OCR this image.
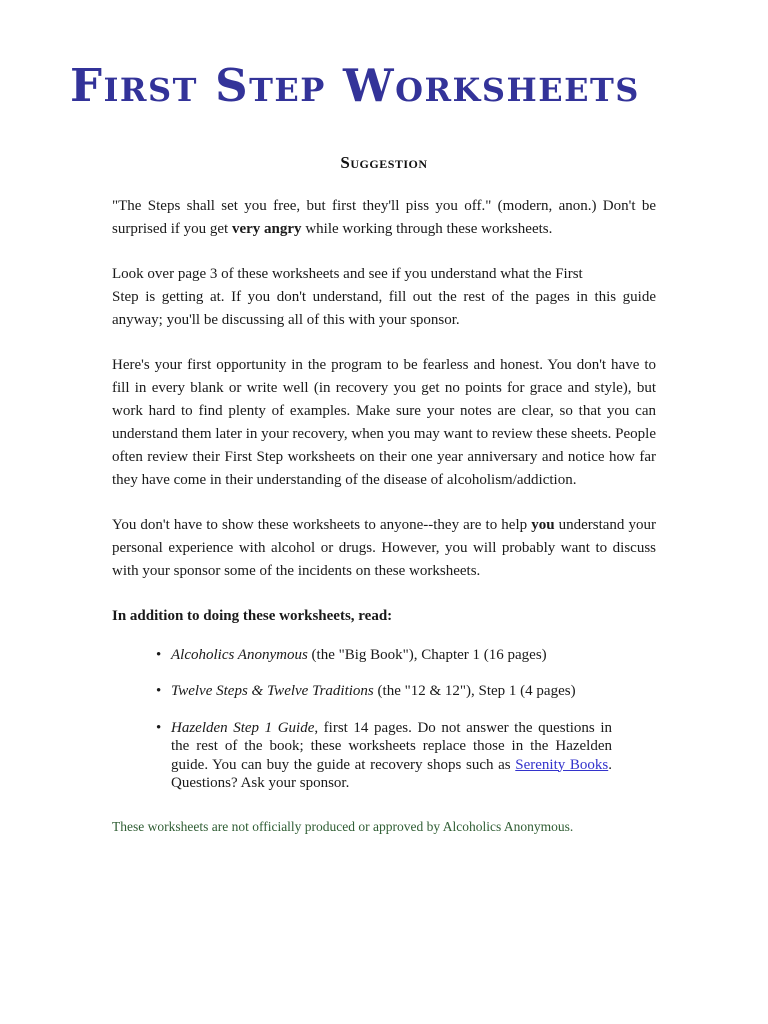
First Step Worksheets
Suggestion

"The Steps shall set you free, but first they'll piss you off." (modern, anon.) Don't be surprised if you get very angry while working through these worksheets.

Look over page 3 of these worksheets and see if you understand what the First
Step is getting at. If you don't understand, fill out the rest of the pages in this guide anyway; you'll be discussing all of this with your sponsor.

Here's your first opportunity in the program to be fearless and honest. You don't have to fill in every blank or write well (in recovery you get no points for grace and style), but work hard to find plenty of examples. Make sure your notes are clear, so that you can understand them later in your recovery, when you may want to review these sheets. People often review their First Step worksheets on their one year anniversary and notice how far they have come in their understanding of the disease of alcoholism/addiction.

You don't have to show these worksheets to anyone--they are to help you understand your personal experience with alcohol or drugs. However, you will probably want to discuss with your sponsor some of the incidents on these worksheets.

In addition to doing these worksheets, read:

• Alcoholics Anonymous (the "Big Book"), Chapter 1 (16 pages)
• Twelve Steps & Twelve Traditions (the "12 & 12"), Step 1 (4 pages)
• Hazelden Step 1 Guide, first 14 pages. Do not answer the questions in the rest of the book; these worksheets replace those in the Hazelden guide. You can buy the guide at recovery shops such as Serenity Books. Questions? Ask your sponsor.

These worksheets are not officially produced or approved by Alcoholics Anonymous.
